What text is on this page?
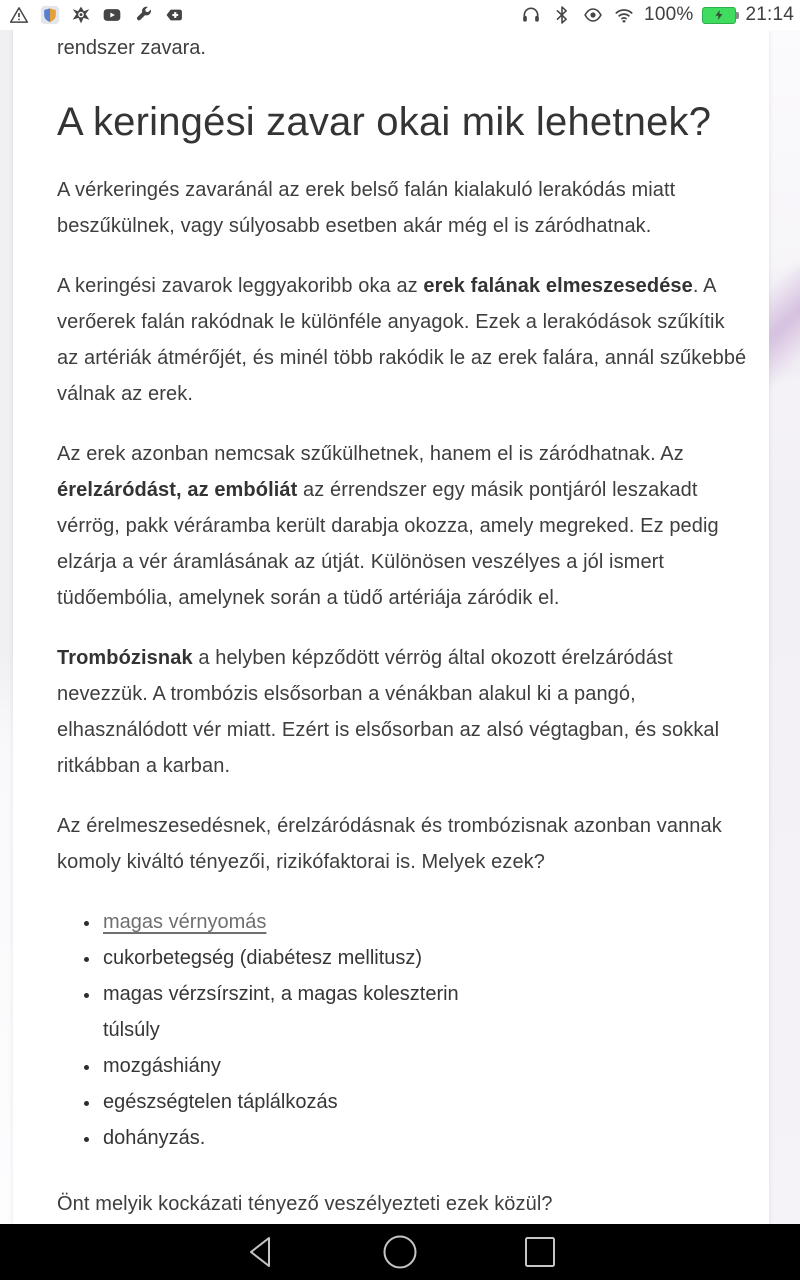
100%	21:14
rendszer zavara.
A keringési zavar okai mik lehetnek?

A vérkeringés zavaránál az erek belső falán kialakuló lerakódás miatt beszűkülnek, vagy súlyosabb esetben akár még el is záródhatnak.

A keringési zavarok leggyakoribb oka az erek falának elmeszesedése. A verőerek falán rakódnak le különféle anyagok. Ezek a lerakódások szűkítik az artériák átmérőjét, és minél több rakódik le az erek falára, annál szűkebbé válnak az erek.

Az erek azonban nemcsak szűkülhetnek, hanem el is záródhatnak. Az érelzáródást, az embóliát az érrendszer egy másik pontjáról leszakadt vérrög, pakk véráramba került darabja okozza, amely megreked. Ez pedig elzárja a vér áramlásának az útját. Különösen veszélyes a jól ismert tüdőembólia, amelynek során a tüdő artériája záródik el.

Trombózisnak a helyben képződött vérrög által okozott érelzáródást nevezzük. A trombózis elsősorban a vénákban alakul ki a pangó, elhasználódott vér miatt. Ezért is elsősorban az alsó végtagban, és sokkal ritkábban a karban.

Az érelmeszesedésnek, érelzáródásnak és trombózisnak azonban vannak komoly kiváltó tényezői, rizikófaktorai is. Melyek ezek?

• magas vérnyomás
• cukorbetegség (diabétesz mellitusz)
• magas vérzsírszint, a magas koleszterin
túlsúly
• mozgáshiány
• egészségtelen táplálkozás
• dohányzás.

Önt melyik kockázati tényező veszélyezteti ezek közül?
